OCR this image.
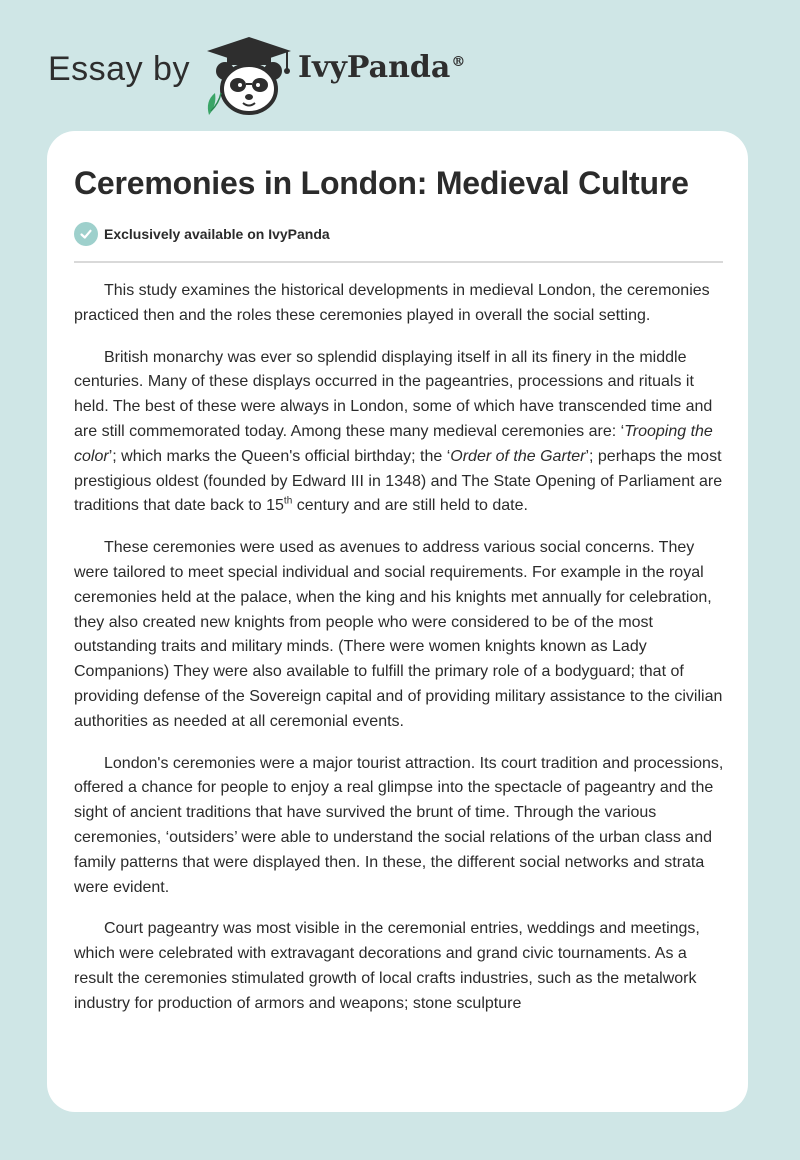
Essay by	IvyPanda®
Ceremonies in London: Medieval Culture
Exclusively available on IvyPanda

This study examines the historical developments in medieval London, the ceremonies practiced then and the roles these ceremonies played in overall the social setting.

British monarchy was ever so splendid displaying itself in all its finery in the middle centuries. Many of these displays occurred in the pageantries, processions and rituals it held. The best of these were always in London, some of which have transcended time and are still commemorated today. Among these many medieval ceremonies are: ‘Trooping the color’; which marks the Queen's official birthday; the ‘Order of the Garter’; perhaps the most prestigious oldest (founded by Edward III in 1348) and The State Opening of Parliament are traditions that date back to 15th century and are still held to date.

These ceremonies were used as avenues to address various social concerns. They were tailored to meet special individual and social requirements. For example in the royal ceremonies held at the palace, when the king and his knights met annually for celebration, they also created new knights from people who were considered to be of the most outstanding traits and military minds. (There were women knights known as Lady Companions) They were also available to fulfill the primary role of a bodyguard; that of providing defense of the Sovereign capital and of providing military assistance to the civilian authorities as needed at all ceremonial events.

London's ceremonies were a major tourist attraction. Its court tradition and processions, offered a chance for people to enjoy a real glimpse into the spectacle of pageantry and the sight of ancient traditions that have survived the brunt of time. Through the various ceremonies, ‘outsiders’ were able to understand the social relations of the urban class and family patterns that were displayed then. In these, the different social networks and strata were evident.

Court pageantry was most visible in the ceremonial entries, weddings and meetings, which were celebrated with extravagant decorations and grand civic tournaments. As a result the ceremonies stimulated growth of local crafts industries, such as the metalwork industry for production of armors and weapons; stone sculpture
